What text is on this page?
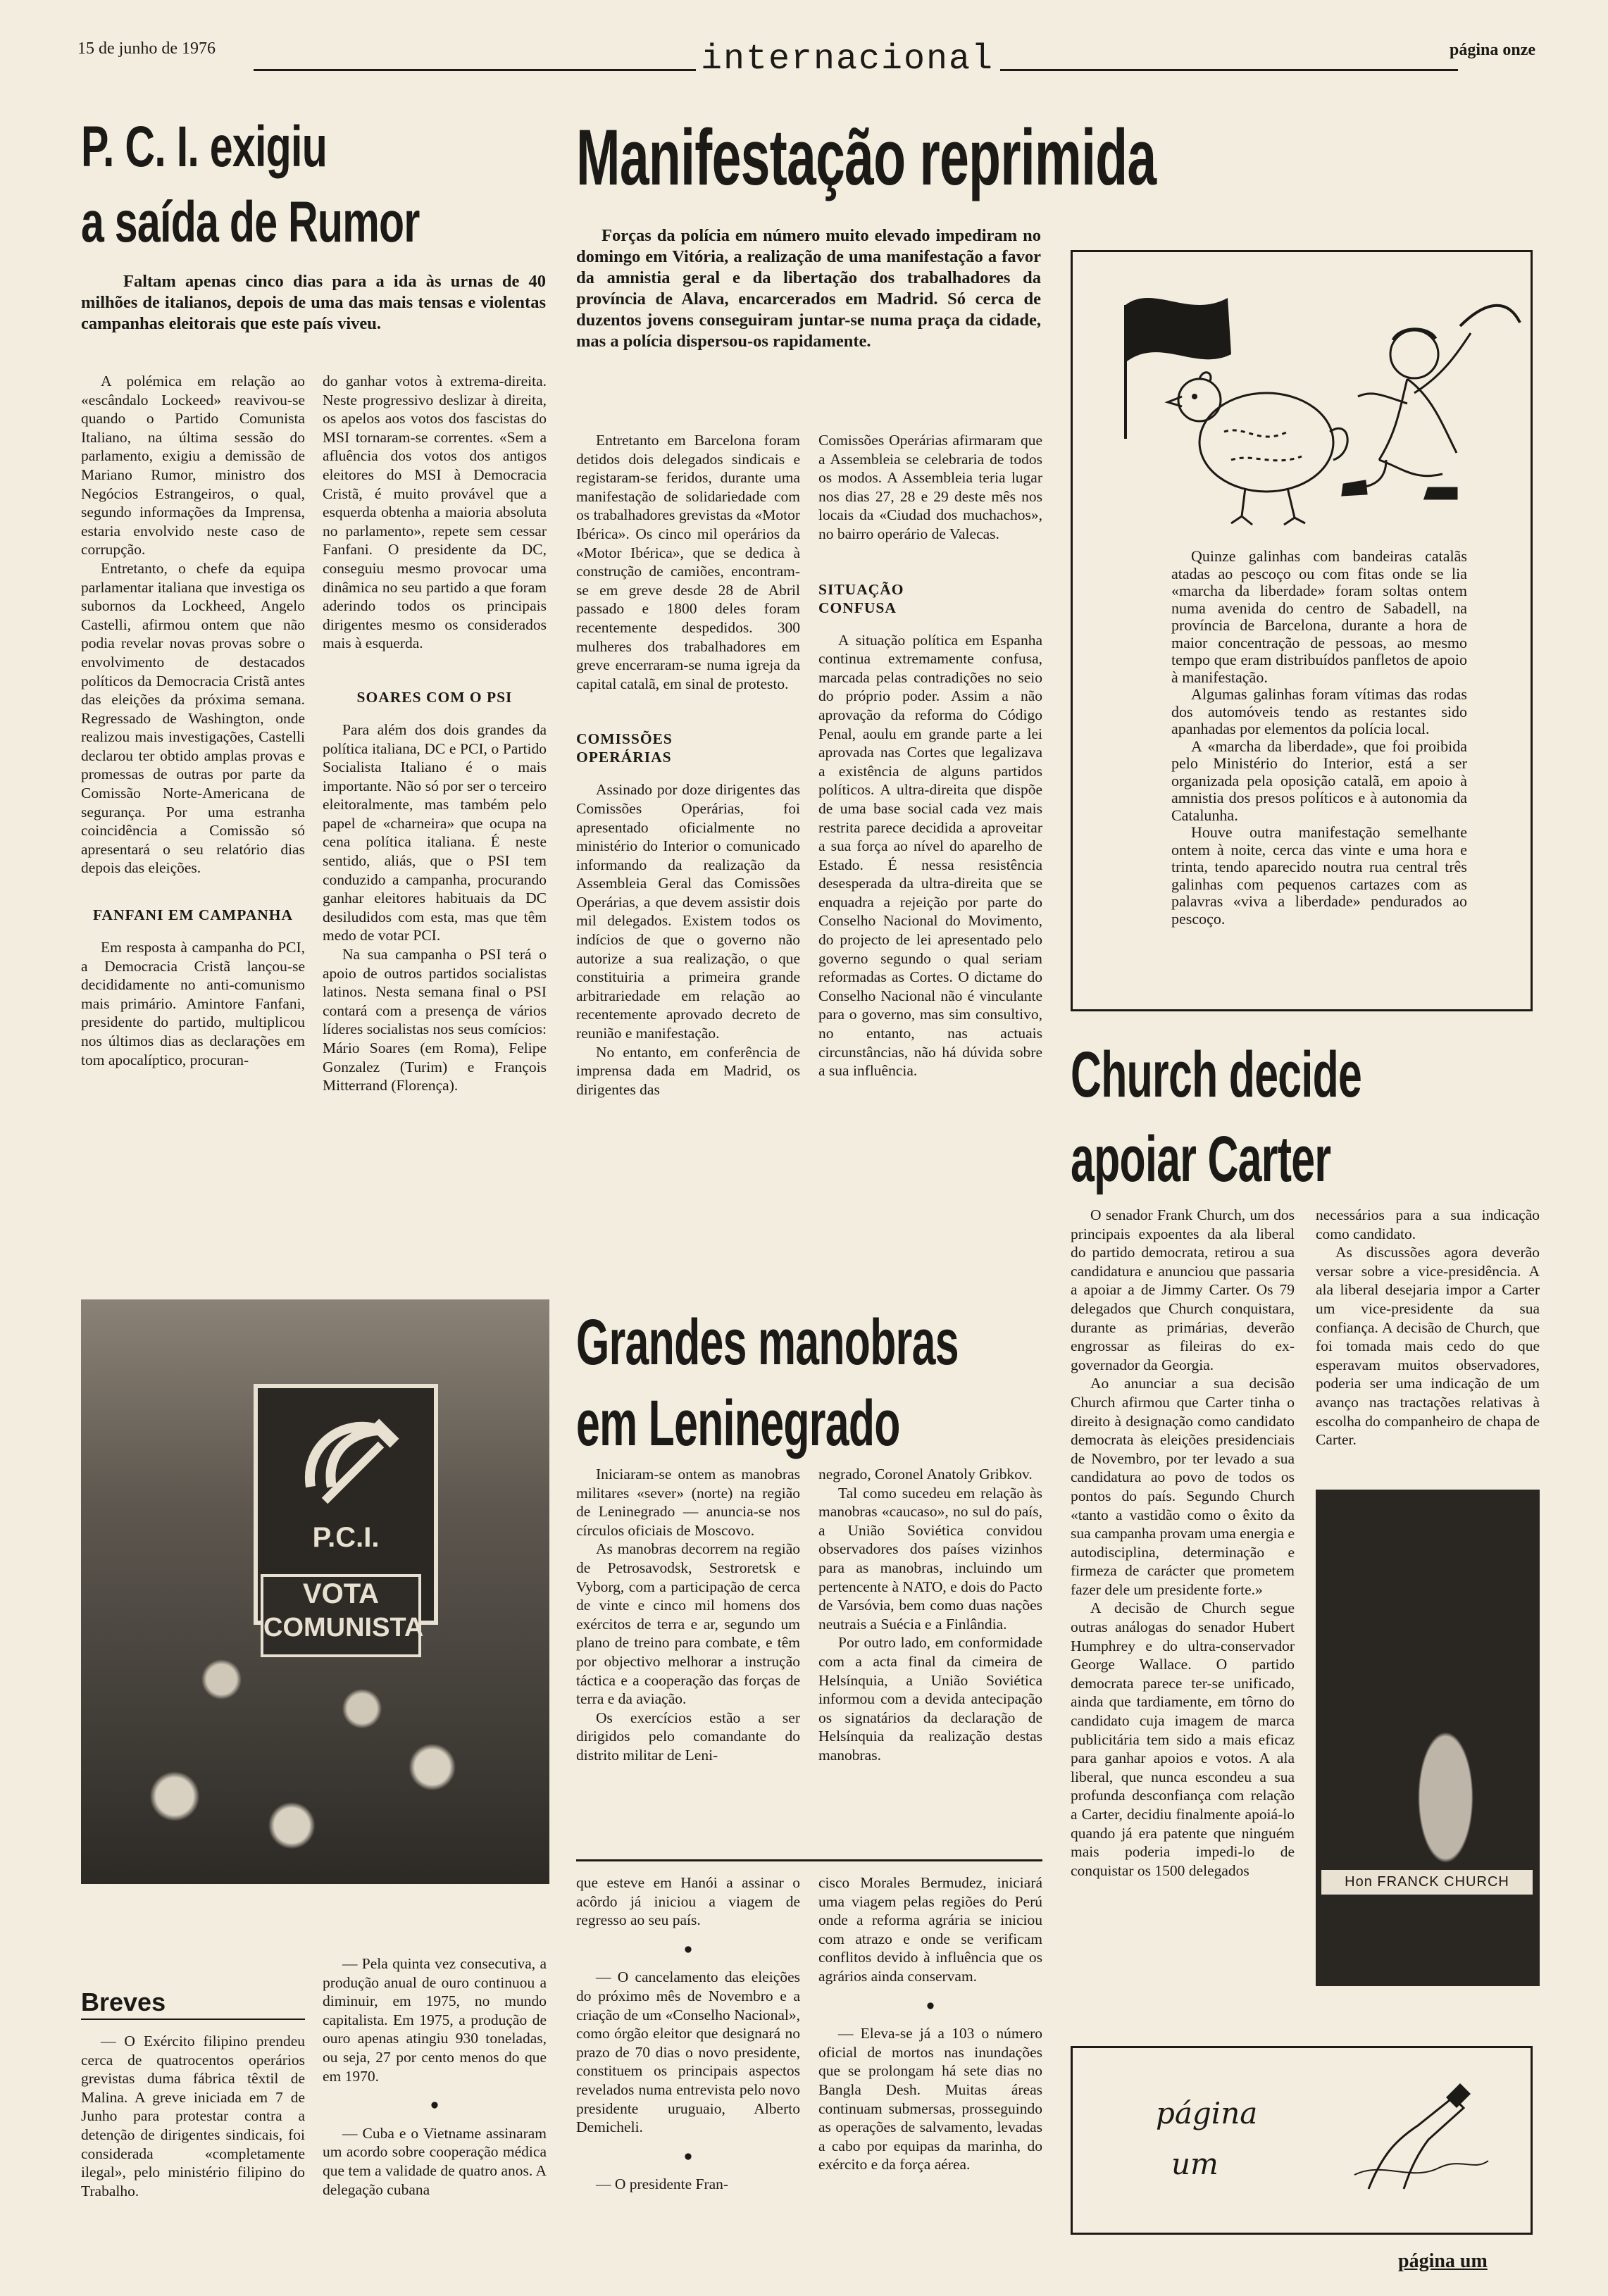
15 de junho de 1976	internacional	página onze
P. C. I. exigiu
a saída de Rumor
Faltam apenas cinco dias para a ida às urnas de 40 milhões de italianos, depois de uma das mais tensas e violentas campanhas eleitorais que este país viveu.

A polémica em relação ao «escândalo Lockeed» reavivou-se quando o Partido Comunista Italiano, na última sessão do parlamento, exigiu a demissão de Mariano Rumor, ministro dos Negócios Estrangeiros, o qual, segundo informações da Imprensa, estaria envolvido neste caso de corrupção.

Entretanto, o chefe da equipa parlamentar italiana que investiga os subornos da Lockheed, Angelo Castelli, afirmou ontem que não podia revelar novas provas sobre o envolvimento de destacados políticos da Democracia Cristã antes das eleições da próxima semana. Regressado de Washington, onde realizou mais investigações, Castelli declarou ter obtido amplas provas e promessas de outras por parte da Comissão Norte-Americana de segurança. Por uma estranha coincidência a Comissão só apresentará o seu relatório dias depois das eleições.

FANFANI EM CAMPANHA

Em resposta à campanha do PCI, a Democracia Cristã lançou-se decididamente no anti-comunismo mais primário. Amintore Fanfani, presidente do partido, multiplicou nos últimos dias as declarações em tom apocalíptico, procuran-

do ganhar votos à extrema-direita. Neste progressivo deslizar à direita, os apelos aos votos dos fascistas do MSI tornaram-se correntes. «Sem a afluência dos votos dos antigos eleitores do MSI à Democracia Cristã, é muito provável que a esquerda obtenha a maioria absoluta no parlamento», repete sem cessar Fanfani. O presidente da DC, conseguiu mesmo provocar uma dinâmica no seu partido a que foram aderindo todos os principais dirigentes mesmo os considerados mais à esquerda.

SOARES COM O PSI

Para além dos dois grandes da política italiana, DC e PCI, o Partido Socialista Italiano é o mais importante. Não só por ser o terceiro eleitoralmente, mas também pelo papel de «charneira» que ocupa na cena política italiana. É neste sentido, aliás, que o PSI tem conduzido a campanha, procurando ganhar eleitores habituais da DC desiludidos com esta, mas que têm medo de votar PCI.

Na sua campanha o PSI terá o apoio de outros partidos socialistas latinos. Nesta semana final o PSI contará com a presença de vários líderes socialistas nos seus comícios: Mário Soares (em Roma), Felipe Gonzalez (Turim) e François Mitterrand (Florença).

Manifestação reprimida
Forças da polícia em número muito elevado impediram no domingo em Vitória, a realização de uma manifestação a favor da amnistia geral e da libertação dos trabalhadores da província de Alava, encarcerados em Madrid. Só cerca de duzentos jovens conseguiram juntar-se numa praça da cidade, mas a polícia dispersou-os rapidamente.

Entretanto em Barcelona foram detidos dois delegados sindicais e registaram-se feridos, durante uma manifestação de solidariedade com os trabalhadores grevistas da «Motor Ibérica». Os cinco mil operários da «Motor Ibérica», que se dedica à construção de camiões, encontram-se em greve desde 28 de Abril passado e 1800 deles foram recentemente despedidos. 300 mulheres dos trabalhadores em greve encerraram-se numa igreja da capital catalã, em sinal de protesto.

COMISSÕES OPERÁRIAS

Assinado por doze dirigentes das Comissões Operárias, foi apresentado oficialmente no ministério do Interior o comunicado informando da realização da Assembleia Geral das Comissões Operárias, a que devem assistir dois mil delegados. Existem todos os indícios de que o governo não autorize a sua realização, o que constituiria a primeira grande arbitrariedade em relação ao recentemente aprovado decreto de reunião e manifestação.

No entanto, em conferência de imprensa dada em Madrid, os dirigentes das

Comissões Operárias afirmaram que a Assembleia se celebraria de todos os modos. A Assembleia teria lugar nos dias 27, 28 e 29 deste mês nos locais da «Ciudad dos muchachos», no bairro operário de Valecas.

SITUAÇÃO CONFUSA

A situação política em Espanha continua extremamente confusa, marcada pelas contradições no seio do próprio poder. Assim a não aprovação da reforma do Código Penal, aoulu em grande parte a lei aprovada nas Cortes que legalizava a existência de alguns partidos políticos. A ultra-direita que dispõe de uma base social cada vez mais restrita parece decidida a aproveitar a sua força ao nível do aparelho de Estado. É nessa resistência desesperada da ultra-direita que se enquadra a rejeição por parte do Conselho Nacional do Movimento, do projecto de lei apresentado pelo governo segundo o qual seriam reformadas as Cortes. O dictame do Conselho Nacional não é vinculante para o governo, mas sim consultivo, no entanto, nas actuais circunstâncias, não há dúvida sobre a sua influência.

Quinze galinhas com bandeiras catalãs atadas ao pescoço ou com fitas onde se lia «marcha da liberdade» foram soltas ontem numa avenida do centro de Sabadell, na província de Barcelona, durante a hora de maior concentração de pessoas, ao mesmo tempo que eram distribuídos panfletos de apoio à manifestação.

Algumas galinhas foram vítimas das rodas dos automóveis tendo as restantes sido apanhadas por elementos da polícia local.

A «marcha da liberdade», que foi proibida pelo Ministério do Interior, está a ser organizada pela oposição catalã, em apoio à amnistia dos presos políticos e à autonomia da Catalunha.

Houve outra manifestação semelhante ontem à noite, cerca das vinte e uma hora e trinta, tendo aparecido noutra rua central três galinhas com pequenos cartazes com as palavras «viva a liberdade» pendurados ao pescoço.

Church decide
apoiar Carter

O senador Frank Church, um dos principais expoentes da ala liberal do partido democrata, retirou a sua candidatura e anunciou que passaria a apoiar a de Jimmy Carter. Os 79 delegados que Church conquistara, durante as primárias, deverão engrossar as fileiras do ex-governador da Georgia.

Ao anunciar a sua decisão Church afirmou que Carter tinha o direito à designação como candidato democrata às eleições presidenciais de Novembro, por ter levado a sua candidatura ao povo de todos os pontos do país. Segundo Church «tanto a vastidão como o êxito da sua campanha provam uma energia e autodisciplina, determinação e firmeza de carácter que prometem fazer dele um presidente forte.»

A decisão de Church segue outras análogas do senador Hubert Humphrey e do ultra-conservador George Wallace. O partido democrata parece ter-se unificado, ainda que tardiamente, em tôrno do candidato cuja imagem de marca publicitária tem sido a mais eficaz para ganhar apoios e votos. A ala liberal, que nunca escondeu a sua profunda desconfiança com relação a Carter, decidiu finalmente apoiá-lo quando já era patente que ninguém mais poderia impedi-lo de conquistar os 1500 delegados

necessários para a sua indicação como candidato.

As discussões agora deverão versar sobre a vice-presidência. A ala liberal desejaria impor a Carter um vice-presidente da sua confiança. A decisão de Church, que foi tomada mais cedo do que esperavam muitos observadores, poderia ser uma indicação de um avanço nas tractações relativas à escolha do companheiro de chapa de Carter.

Hon FRANCK CHURCH
Grandes manobras
em Leninegrado

Iniciaram-se ontem as manobras militares «sever» (norte) na região de Leninegrado — anuncia-se nos círculos oficiais de Moscovo.

As manobras decorrem na região de Petrosavodsk, Sestroretsk e Vyborg, com a participação de cerca de vinte e cinco mil homens dos exércitos de terra e ar, segundo um plano de treino para combate, e têm por objectivo melhorar a instrução táctica e a cooperação das forças de terra e da aviação.

Os exercícios estão a ser dirigidos pelo comandante do distrito militar de Leni-

negrado, Coronel Anatoly Gribkov.

Tal como sucedeu em relação às manobras «caucaso», no sul do país, a União Soviética convidou observadores dos países vizinhos para as manobras, incluindo um pertencente à NATO, e dois do Pacto de Varsóvia, bem como duas nações neutrais a Suécia e a Finlândia.

Por outro lado, em conformidade com a acta final da cimeira de Helsínquia, a União Soviética informou com a devida antecipação os signatários da declaração de Helsínquia da realização destas manobras.

P.C.I.
VOTA
COMUNISTA
Breves

— O Exército filipino prendeu cerca de quatrocentos operários grevistas duma fábrica têxtil de Malina. A greve iniciada em 7 de Junho para protestar contra a detenção de dirigentes sindicais, foi considerada «completamente ilegal», pelo ministério filipino do Trabalho.

— Pela quinta vez consecutiva, a produção anual de ouro continuou a diminuir, em 1975, no mundo capitalista. Em 1975, a produção de ouro apenas atingiu 930 toneladas, ou seja, 27 por cento menos do que em 1970.

●

— Cuba e o Vietname assinaram um acordo sobre cooperação médica que tem a validade de quatro anos. A delegação cubana

que esteve em Hanói a assinar o acôrdo já iniciou a viagem de regresso ao seu país.

●

— O cancelamento das eleições do próximo mês de Novembro e a criação de um «Conselho Nacional», como órgão eleitor que designará no prazo de 70 dias o novo presidente, constituem os principais aspectos revelados numa entrevista pelo novo presidente uruguaio, Alberto Demicheli.

●

— O presidente Fran-

cisco Morales Bermudez, iniciará uma viagem pelas regiões do Perú onde a reforma agrária se iniciou com atrazo e onde se verificam conflitos devido à influência que os agrários ainda conservam.

●

— Eleva-se já a 103 o número oficial de mortos nas inundações que se prolongam há sete dias no Bangla Desh. Muitas áreas continuam submersas, prosseguindo as operações de salvamento, levadas a cabo por equipas da marinha, do exército e da força aérea.

página
um
página um
